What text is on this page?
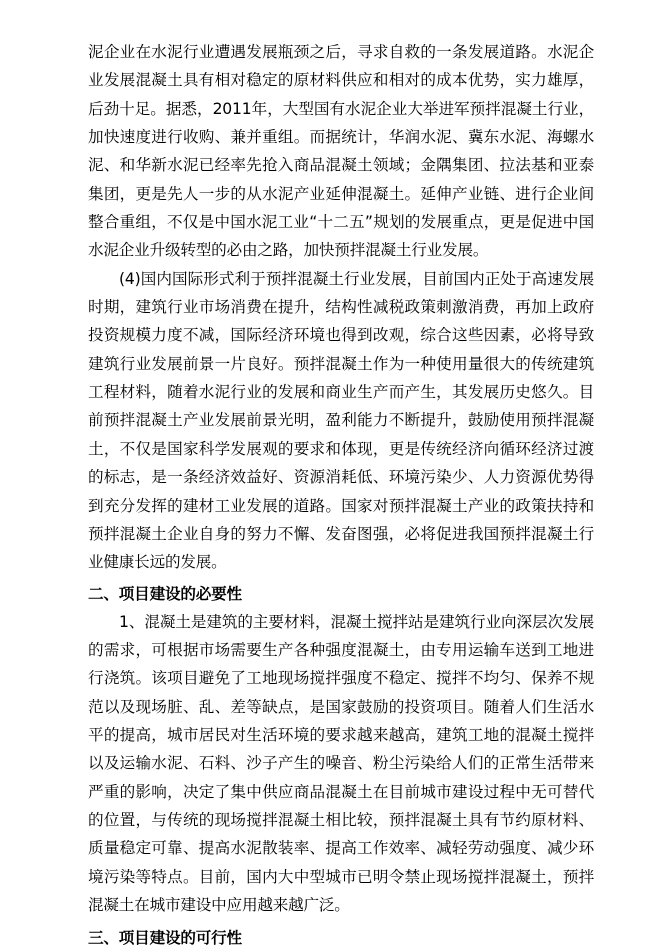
泥企业在水泥行业遭遇发展瓶颈之后，寻求自救的一条发展道路。水泥企业发展混凝土具有相对稳定的原材料供应和相对的成本优势，实力雄厚，后劲十足。据悉，2011年，大型国有水泥企业大举进军预拌混凝土行业，加快速度进行收购、兼并重组。而据统计，华润水泥、冀东水泥、海螺水泥、和华新水泥已经率先抢入商品混凝土领域；金隅集团、拉法基和亚泰集团，更是先人一步的从水泥产业延伸混凝土。延伸产业链、进行企业间整合重组，不仅是中国水泥工业“十二五”规划的发展重点，更是促进中国水泥企业升级转型的必由之路，加快预拌混凝土行业发展。

(4)国内国际形式利于预拌混凝土行业发展，目前国内正处于高速发展时期，建筑行业市场消费在提升，结构性减税政策刺激消费，再加上政府投资规模力度不减，国际经济环境也得到改观，综合这些因素，必将导致建筑行业发展前景一片良好。预拌混凝土作为一种使用量很大的传统建筑工程材料，随着水泥行业的发展和商业生产而产生，其发展历史悠久。目前预拌混凝土产业发展前景光明，盈利能力不断提升，鼓励使用预拌混凝土，不仅是国家科学发展观的要求和体现，更是传统经济向循环经济过渡的标志，是一条经济效益好、资源消耗低、环境污染少、人力资源优势得到充分发挥的建材工业发展的道路。国家对预拌混凝土产业的政策扶持和预拌混凝土企业自身的努力不懈、发奋图强，必将促进我国预拌混凝土行业健康长远的发展。

二、项目建设的必要性

1、混凝土是建筑的主要材料，混凝土搅拌站是建筑行业向深层次发展的需求，可根据市场需要生产各种强度混凝土，由专用运输车送到工地进行浇筑。该项目避免了工地现场搅拌强度不稳定、搅拌不均匀、保养不规范以及现场脏、乱、差等缺点，是国家鼓励的投资项目。随着人们生活水平的提高，城市居民对生活环境的要求越来越高，建筑工地的混凝土搅拌以及运输水泥、石料、沙子产生的噪音、粉尘污染给人们的正常生活带来严重的影响，决定了集中供应商品混凝土在目前城市建设过程中无可替代的位置，与传统的现场搅拌混凝土相比较，预拌混凝土具有节约原材料、质量稳定可靠、提高水泥散装率、提高工作效率、减轻劳动强度、减少环境污染等特点。目前，国内大中型城市已明令禁止现场搅拌混凝土，预拌混凝土在城市建设中应用越来越广泛。

三、项目建设的可行性
